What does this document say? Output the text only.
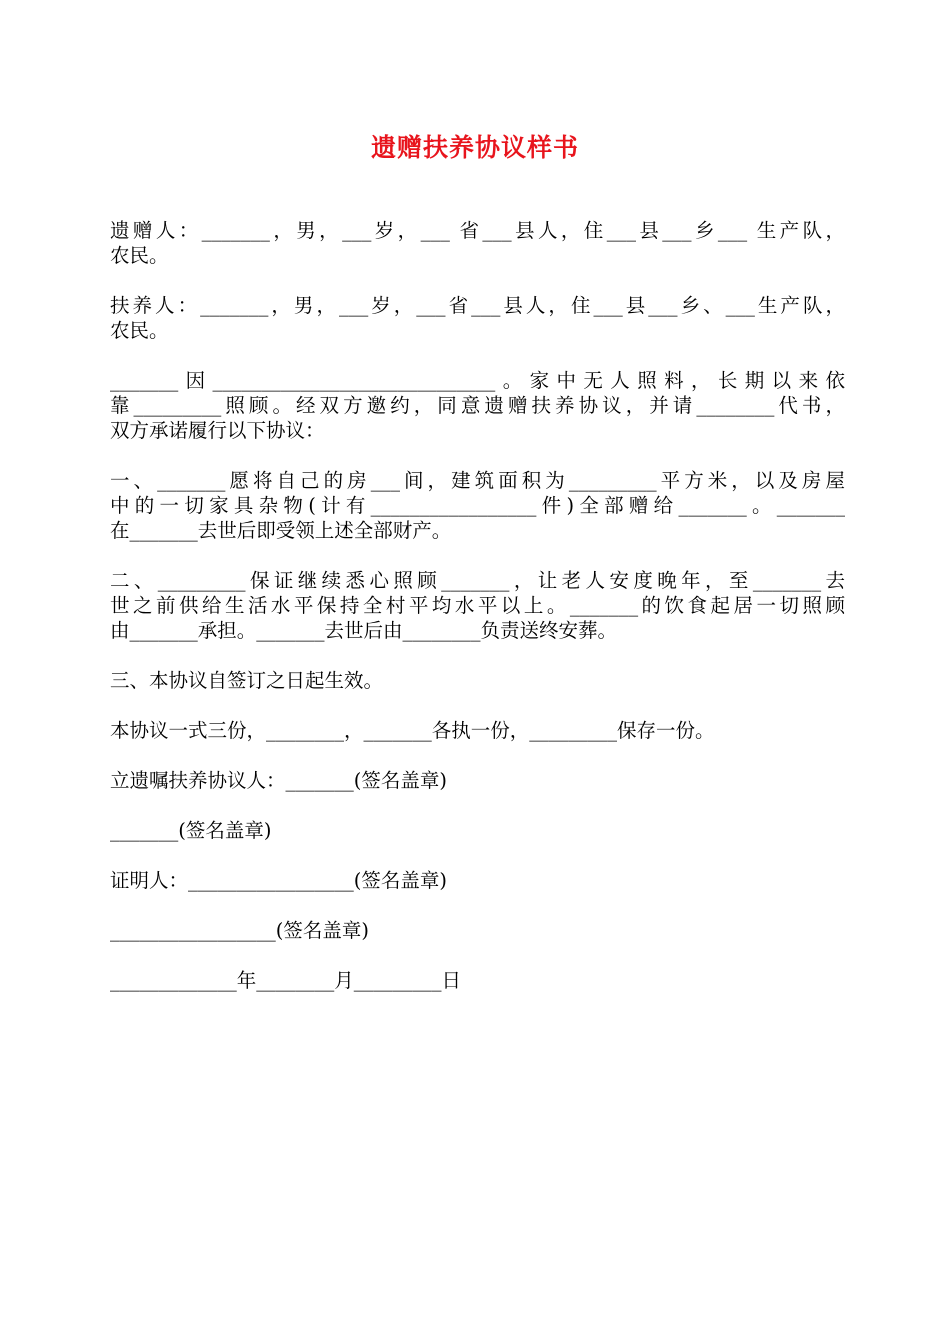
遗赠扶养协议样书

遗赠人：_______，男，___岁，___ 省___县人，住___县___乡___ 生产队，
农民。

扶养人：_______，男，___岁，___省___县人，住___县___乡、___生产队，
农民。

_______因_____________________________。家中无人照料，长期以来依
靠_________照顾。经双方邀约，同意遗赠扶养协议，并请________代书，
双方承诺履行以下协议：

一、_______愿将自己的房___间，建筑面积为_________平方米，以及房屋
中的一切家具杂物(计有_________________件)全部赠给_______。_______
在_______去世后即受领上述全部财产。

二、_________保证继续悉心照顾_______，让老人安度晚年，至_______去
世之前供给生活水平保持全村平均水平以上。_______的饮食起居一切照顾
由_______承担。_______去世后由________负责送终安葬。

三、本协议自签订之日起生效。

本协议一式三份，________，_______各执一份，_________保存一份。

立遗嘱扶养协议人：_______(签名盖章)

_______(签名盖章)

证明人：_________________(签名盖章)

_________________(签名盖章)

_____________年________月_________日
